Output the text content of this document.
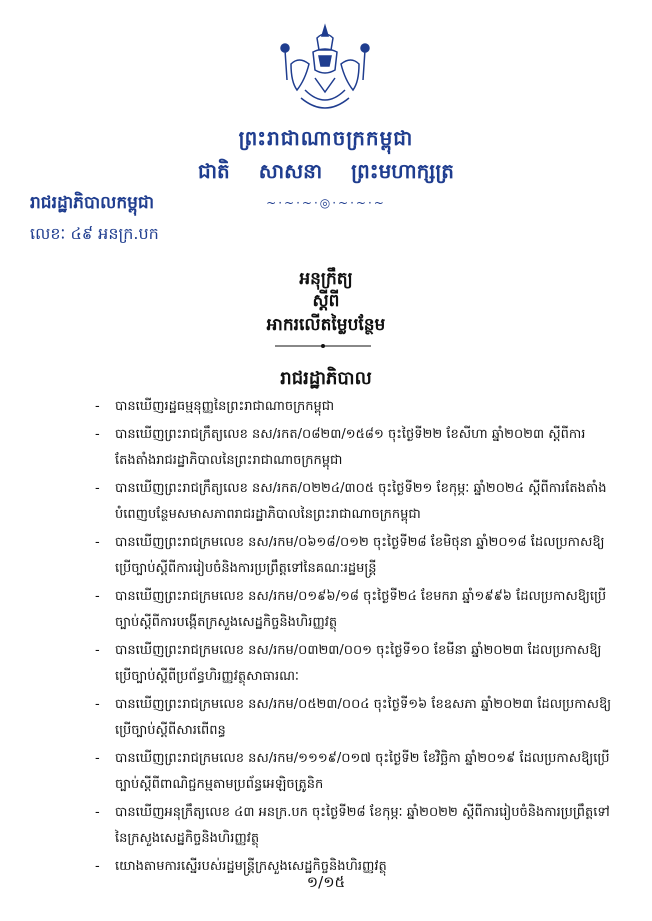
ព្រះរាជាណាចក្រកម្ពុជា
ជាតិ សាសនា ព្រះមហាក្សត្រ
~·~·~·◎·~·~·~
រាជរដ្ឋាភិបាលកម្ពុជា
លេខៈ ៤៩ អនក្រ.បក
អនុក្រឹត្យ
ស្តីពី
អាករលើតម្លៃបន្ថែម
រាជរដ្ឋាភិបាល
- បានឃើញរដ្ឋធម្មនុញ្ញនៃព្រះរាជាណាចក្រកម្ពុជា
- បានឃើញព្រះរាជក្រឹត្យលេខ នស/រកត/០៨២៣/១៥៨១ ចុះថ្ងៃទី២២ ខែសីហា ឆ្នាំ២០២៣ ស្តីពីការតែងតាំងរាជរដ្ឋាភិបាលនៃព្រះរាជាណាចក្រកម្ពុជា
- បានឃើញព្រះរាជក្រឹត្យលេខ នស/រកត/០២២៤/៣០៥ ចុះថ្ងៃទី២១ ខែកុម្ភៈ ឆ្នាំ២០២៤ ស្តីពីការតែងតាំងបំពេញបន្ថែមសមាសភាពរាជរដ្ឋាភិបាលនៃព្រះរាជាណាចក្រកម្ពុជា
- បានឃើញព្រះរាជក្រមលេខ នស/រកម/០៦១៨/០១២ ចុះថ្ងៃទី២៨ ខែមិថុនា ឆ្នាំ២០១៨ ដែលប្រកាសឱ្យប្រើច្បាប់ស្តីពីការរៀបចំនិងការប្រព្រឹត្តទៅនៃគណៈរដ្ឋមន្ត្រី
- បានឃើញព្រះរាជក្រមលេខ នស/រកម/០១៩៦/១៨ ចុះថ្ងៃទី២៤ ខែមករា ឆ្នាំ១៩៩៦ ដែលប្រកាសឱ្យប្រើច្បាប់ស្តីពីការបង្កើតក្រសួងសេដ្ឋកិច្ចនិងហិរញ្ញវត្ថុ
- បានឃើញព្រះរាជក្រមលេខ នស/រកម/០៣២៣/០០១ ចុះថ្ងៃទី១០ ខែមីនា ឆ្នាំ២០២៣ ដែលប្រកាសឱ្យប្រើច្បាប់ស្តីពីប្រព័ន្ធហិរញ្ញវត្ថុសាធារណៈ
- បានឃើញព្រះរាជក្រមលេខ នស/រកម/០៥២៣/០០៤ ចុះថ្ងៃទី១៦ ខែឧសភា ឆ្នាំ២០២៣ ដែលប្រកាសឱ្យប្រើច្បាប់ស្តីពីសារពើពន្ធ
- បានឃើញព្រះរាជក្រមលេខ នស/រកម/១១១៩/០១៧ ចុះថ្ងៃទី២ ខែវិច្ឆិកា ឆ្នាំ២០១៩ ដែលប្រកាសឱ្យប្រើច្បាប់ស្តីពីពាណិជ្ជកម្មតាមប្រព័ន្ធអេឡិចត្រូនិក
- បានឃើញអនុក្រឹត្យលេខ ៤៣ អនក្រ.បក ចុះថ្ងៃទី២៨ ខែកុម្ភៈ ឆ្នាំ២០២២ ស្តីពីការរៀបចំនិងការប្រព្រឹត្តទៅនៃក្រសួងសេដ្ឋកិច្ចនិងហិរញ្ញវត្ថុ
- យោងតាមការស្នើរបស់រដ្ឋមន្ត្រីក្រសួងសេដ្ឋកិច្ចនិងហិរញ្ញវត្ថុ
១/១៥
